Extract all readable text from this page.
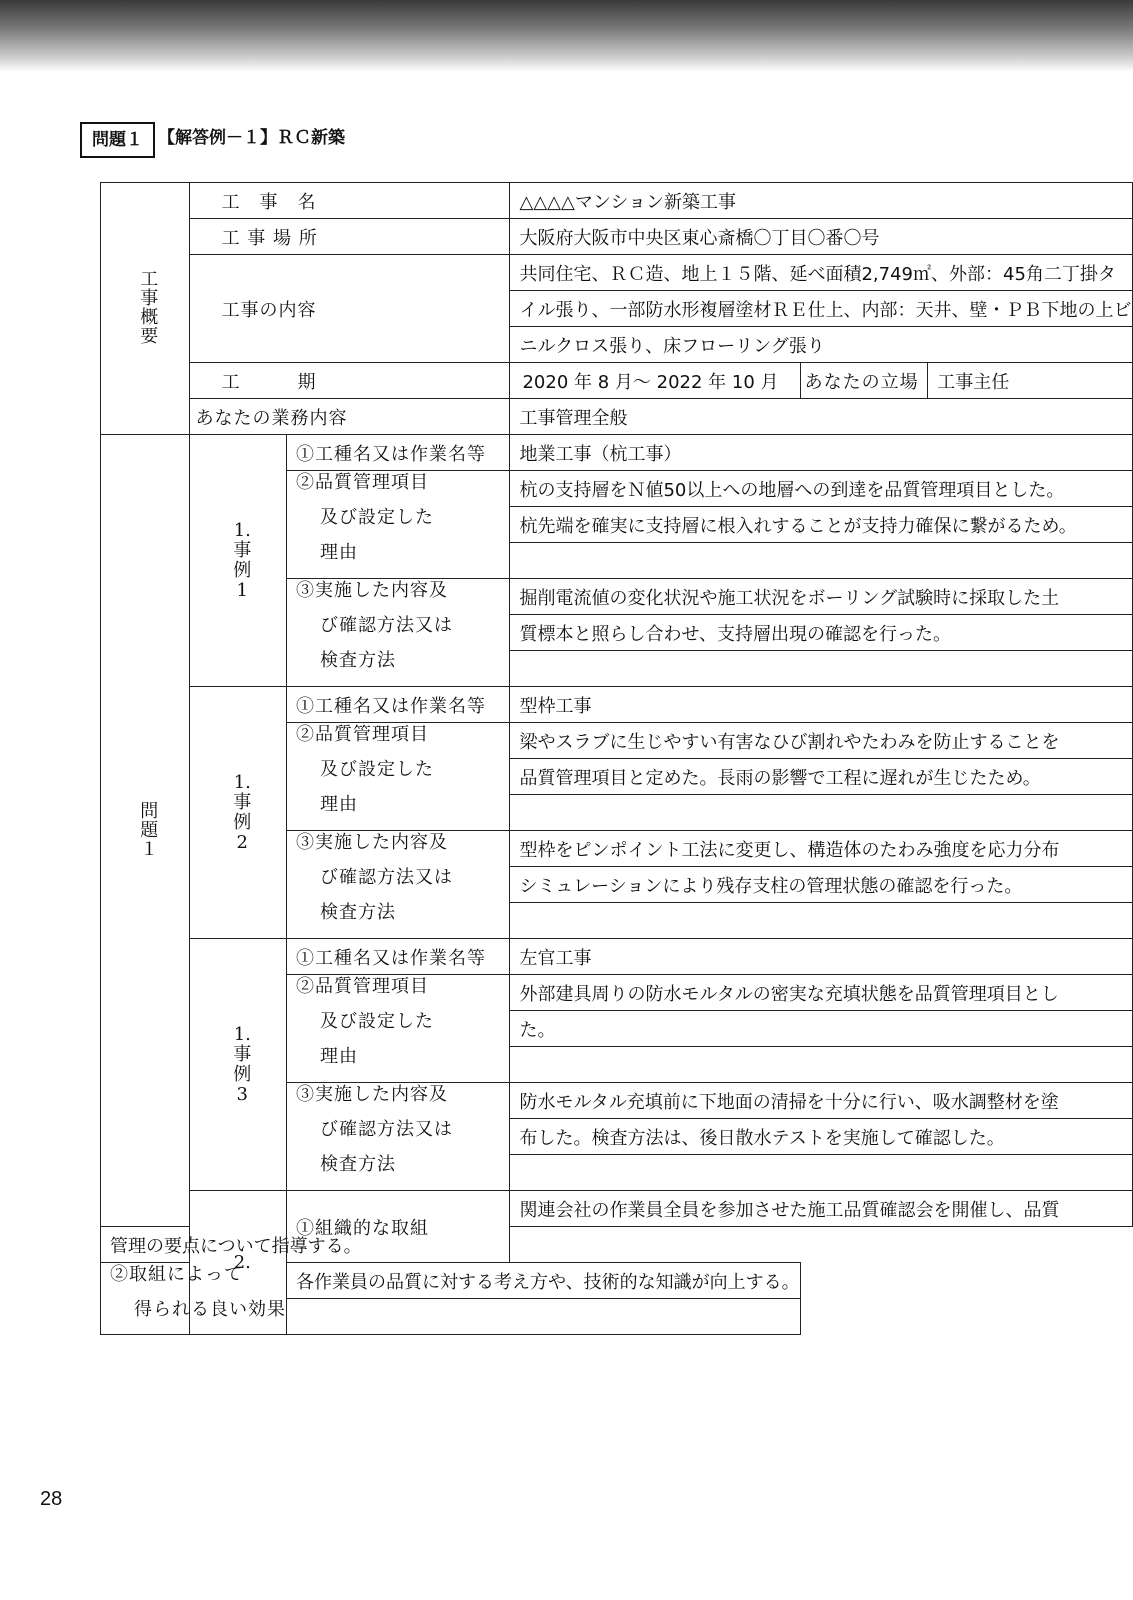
問題１ 【解答例－１】ＲＣ新築
工事概要	工　事　名		△△△△マンション新築工事		
	工 事 場 所		大阪府大阪市中央区東心斎橋〇丁目〇番〇号		
	工事の内容		共同住宅、ＲＣ造、地上１５階、延べ面積2,749㎡、外部：45角二丁掛タ		
			イル張り、一部防水形複層塗材ＲＥ仕上、内部：天井、壁・ＰＢ下地の上ビ		
			ニルクロス張り、床フローリング張り		
	工　　　期		2020 年 8 月～ 2022 年 10 月	あなたの立場	工事主任
	あなたの業務内容		工事管理全般		
問題１	1.事例1	①工種名又は作業名等	地業工事（杭工事）		

		②品質管理項目
及び設定した
理由	杭の支持層をＮ値50以上への地層への到達を品質管理項目とした。		
			杭先端を確実に支持層に根入れすることが支持力確保に繋がるため。		

		③実施した内容及
び確認方法又は
検査方法	掘削電流値の変化状況や施工状況をボーリング試験時に採取した土		
			質標本と照らし合わせ、支持層出現の確認を行った。		

	1.事例2	①工種名又は作業名等	型枠工事		

		②品質管理項目
及び設定した
理由	梁やスラブに生じやすい有害なひび割れやたわみを防止することを		
			品質管理項目と定めた。長雨の影響で工程に遅れが生じたため。		

		③実施した内容及
び確認方法又は
検査方法	型枠をピンポイント工法に変更し、構造体のたわみ強度を応力分布		
			シミュレーションにより残存支柱の管理状態の確認を行った。		

	1.事例3	①工種名又は作業名等	左官工事		

		②品質管理項目
及び設定した
理由	外部建具周りの防水モルタルの密実な充填状態を品質管理項目とし		
			た。		

		③実施した内容及
び確認方法又は
検査方法	防水モルタル充填前に下地面の清掃を十分に行い、吸水調整材を塗		
			布した。検査方法は、後日散水テストを実施して確認した。		

	2.	①組織的な取組	関連会社の作業員全員を参加させた施工品質確認会を開催し、品質		
管理の要点について指導する。					

②取組によって
得られる良い効果		各作業員の品質に対する考え方や、技術的な知識が向上する。			

28
